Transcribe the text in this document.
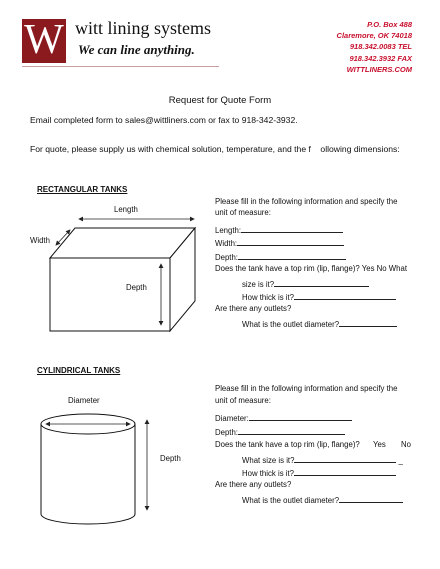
W witt lining systems
We can line anything.
P.O. Box 488
Claremore, OK 74018
918.342.0083 TEL
918.342.3932 FAX
WITTLINERS.COM
Request for Quote Form
Email completed form to sales@wittliners.com or fax to 918-342-3932.
For quote, please supply us with chemical solution, temperature, and the f    ollowing dimensions:
RECTANGULAR TANKS
Length
Width
Depth
Please fill in the following information and specify the
unit of measure:
Length:
Width:
Depth:
Does the tank have a top rim (lip, flange)? Yes No What
size is it?
How thick is it?
Are there any outlets?
What is the outlet diameter?
CYLINDRICAL TANKS
Diameter
Depth
Please fill in the following information and specify the
unit of measure:
Diameter:
Depth:
Does the tank have a top rim (lip, flange)? Yes No
What size is it?	_
How thick is it?
Are there any outlets?
What is the outlet diameter?
